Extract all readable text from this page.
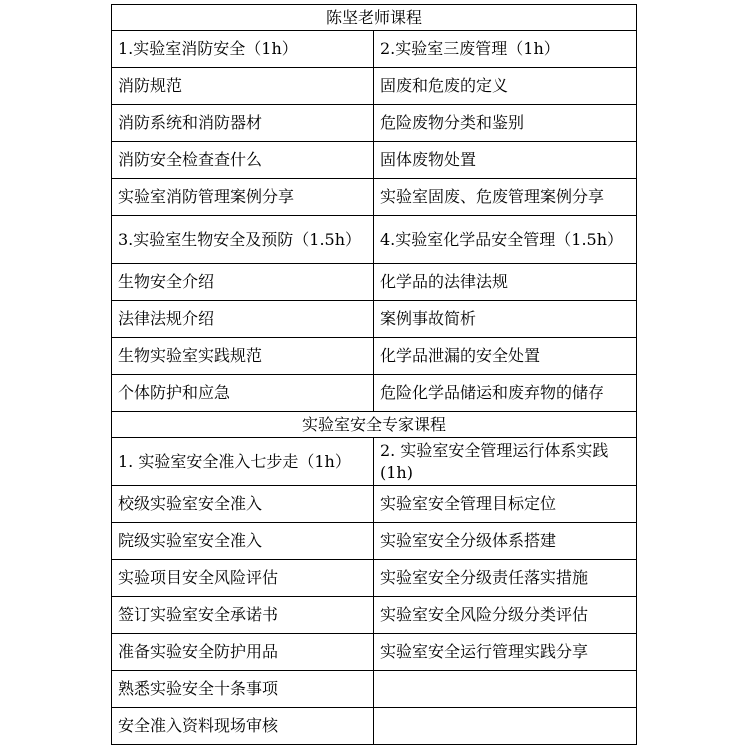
陈坚老师课程	
1.实验室消防安全（1h）	2.实验室三废管理（1h）
消防规范	固废和危废的定义
消防系统和消防器材	危险废物分类和鉴别
消防安全检查查什么	固体废物处置
实验室消防管理案例分享	实验室固废、危废管理案例分享
3.实验室生物安全及预防（1.5h）	4.实验室化学品安全管理（1.5h）
生物安全介绍	化学品的法律法规
法律法规介绍	案例事故简析
生物实验室实践规范	化学品泄漏的安全处置
个体防护和应急	危险化学品储运和废弃物的储存
实验室安全专家课程	
1. 实验室安全准入七步走（1h）	2. 实验室安全管理运行体系实践(1h)
校级实验室安全准入	实验室安全管理目标定位
院级实验室安全准入	实验室安全分级体系搭建
实验项目安全风险评估	实验室安全分级责任落实措施
签订实验室安全承诺书	实验室安全风险分级分类评估
准备实验安全防护用品	实验室安全运行管理实践分享
熟悉实验安全十条事项	
安全准入资料现场审核	
